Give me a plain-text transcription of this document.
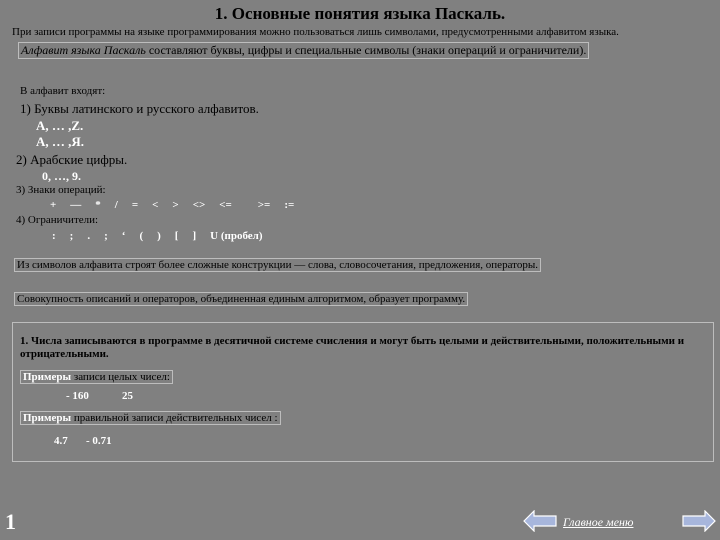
1. Основные понятия языка Паскаль.
При записи программы на языке программирования можно пользоваться лишь символами, предусмотренными алфавитом языка.
Алфавит языка Паскаль составляют буквы, цифры и специальные символы (знаки операций и ограничители).
В алфавит входят:
1) Буквы латинского и русского алфавитов.
A, … ,Z.
А, … ,Я.
2) Арабские цифры.
0, …, 9.
3) Знаки операций:
+ — * / = < > <> <= >= :=
4) Ограничители:
: ; . ; ‘ ( ) [ ] U (пробел)
Из символов алфавита строят более сложные конструкции — слова, словосочетания, предложения, операторы.
Совокупность описаний и операторов, объединенная единым алгоритмом, образует программу.
1. Числа записываются в программе в десятичной системе счисления и могут быть целыми и действительными, положительными и отрицательными.
Примеры записи целых чисел:
- 160	25
Примеры правильной записи действительных чисел :
4.7 - 0.71
1	Главное меню
